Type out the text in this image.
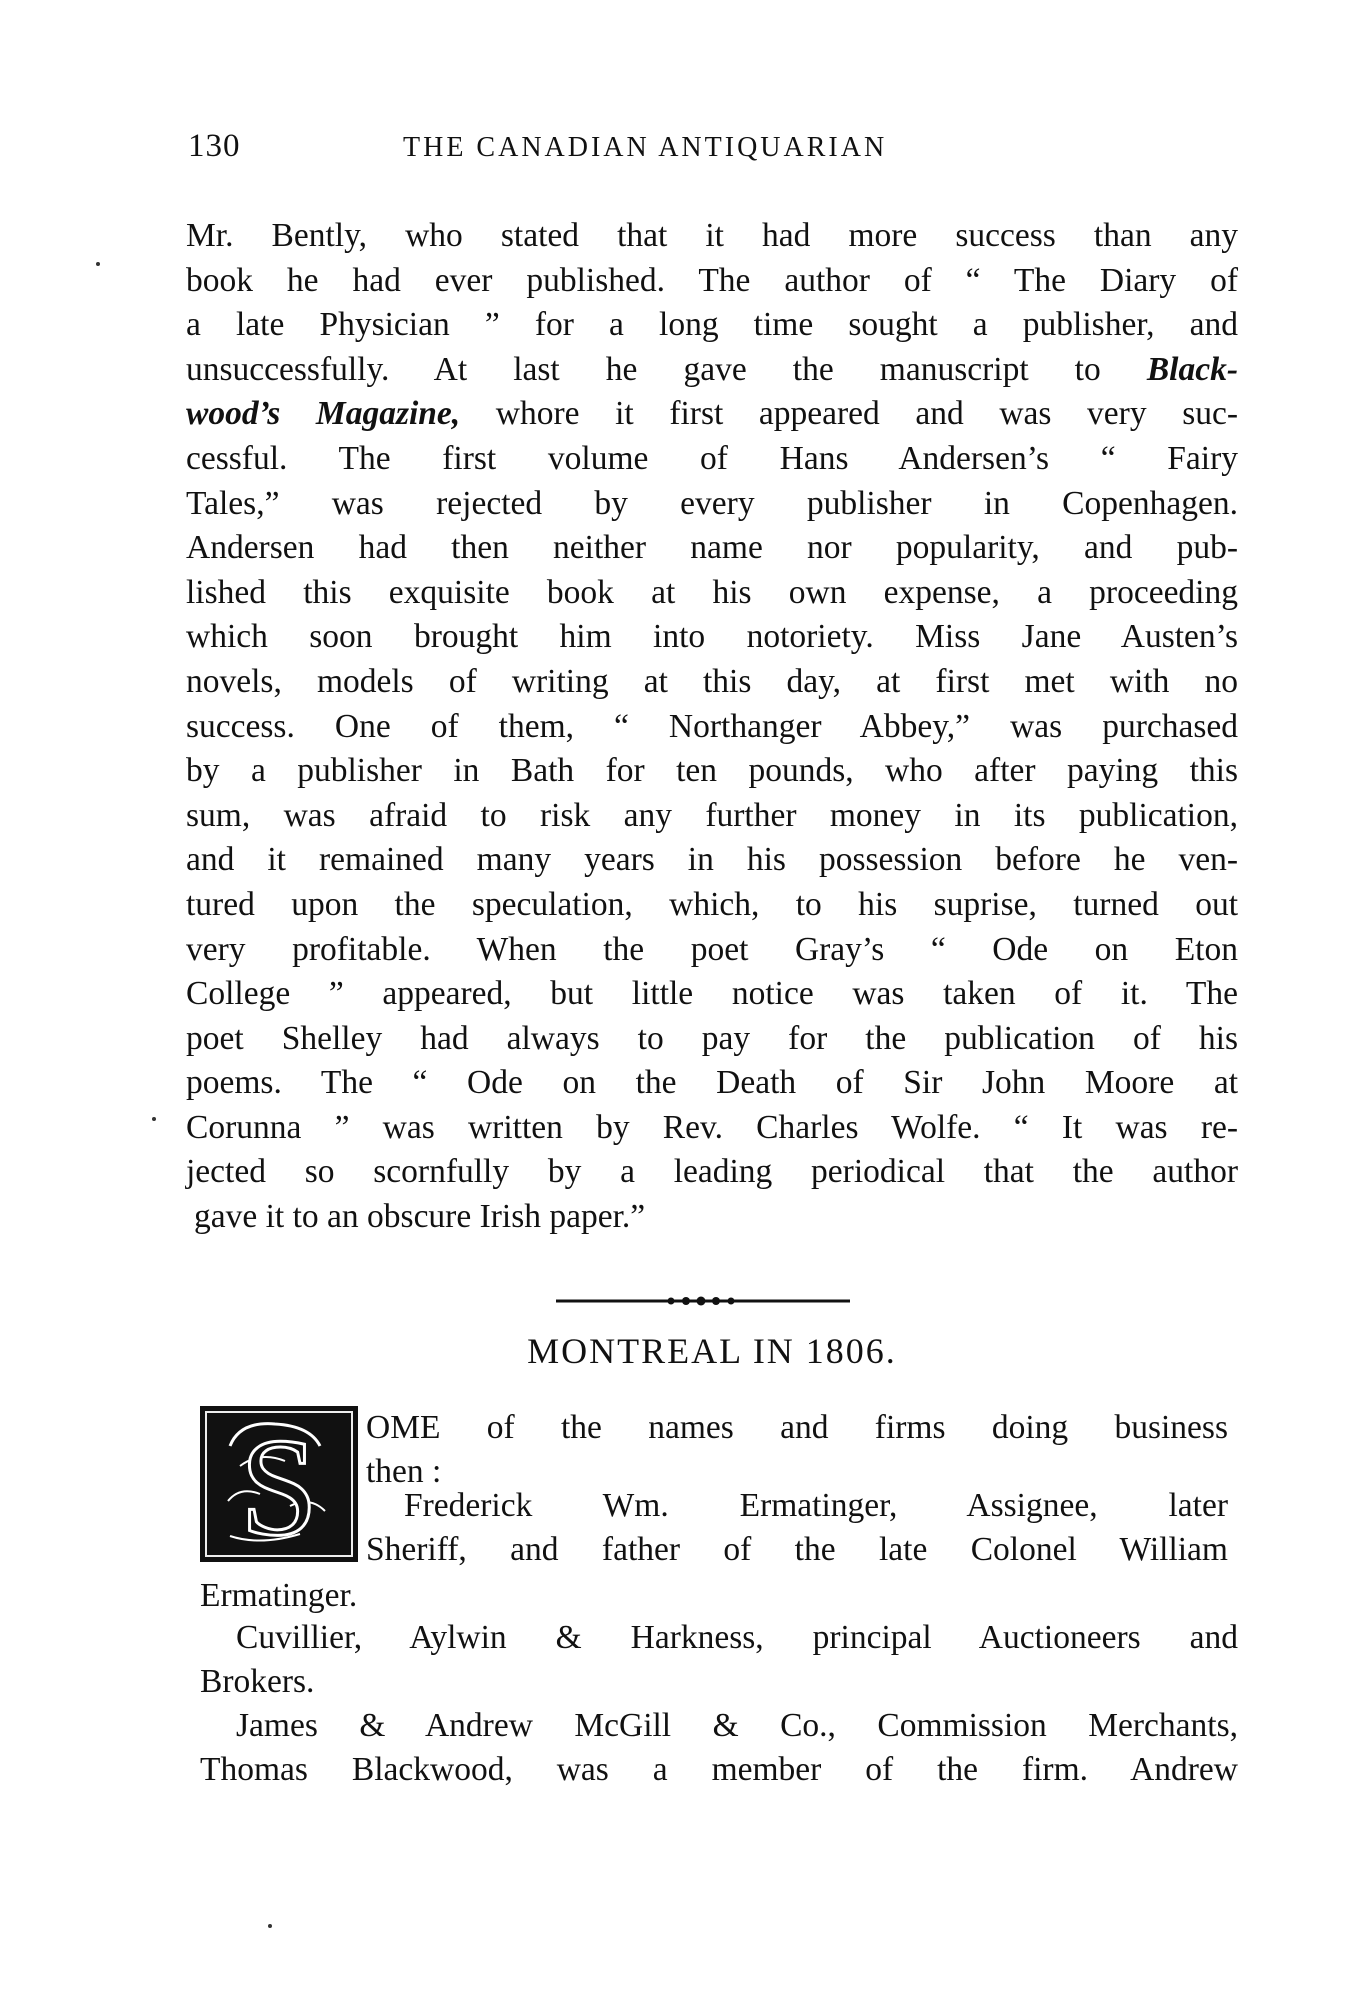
130	THE CANADIAN ANTIQUARIAN
Mr. Bently, who stated that it had more success than any
book he had ever published. The author of “ The Diary of
a late Physician ” for a long time sought a publisher, and
unsuccessfully. At last he gave the manuscript to Black-
wood’s Magazine, whore it first appeared and was very suc-
cessful. The first volume of Hans Andersen’s “ Fairy
Tales,” was rejected by every publisher in Copenhagen.
Andersen had then neither name nor popularity, and pub-
lished this exquisite book at his own expense, a proceeding
which soon brought him into notoriety. Miss Jane Austen’s
novels, models of writing at this day, at first met with no
success. One of them, “ Northanger Abbey,” was purchased
by a publisher in Bath for ten pounds, who after paying this
sum, was afraid to risk any further money in its publication,
and it remained many years in his possession before he ven-
tured upon the speculation, which, to his suprise, turned out
very profitable. When the poet Gray’s “ Ode on Eton
College ” appeared, but little notice was taken of it. The
poet Shelley had always to pay for the publication of his
poems. The “ Ode on the Death of Sir John Moore at
Corunna ” was written by Rev. Charles Wolfe. “ It was re-
jected so scornfully by a leading periodical that the author
gave it to an obscure Irish paper.”
MONTREAL IN 1806.
S OME of the names and firms doing business
then :
Frederick Wm. Ermatinger, Assignee, later
Sheriff, and father of the late Colonel William
Ermatinger.
Cuvillier, Aylwin & Harkness, principal Auctioneers and
Brokers.
James & Andrew McGill & Co., Commission Merchants,
Thomas Blackwood, was a member of the firm. Andrew
